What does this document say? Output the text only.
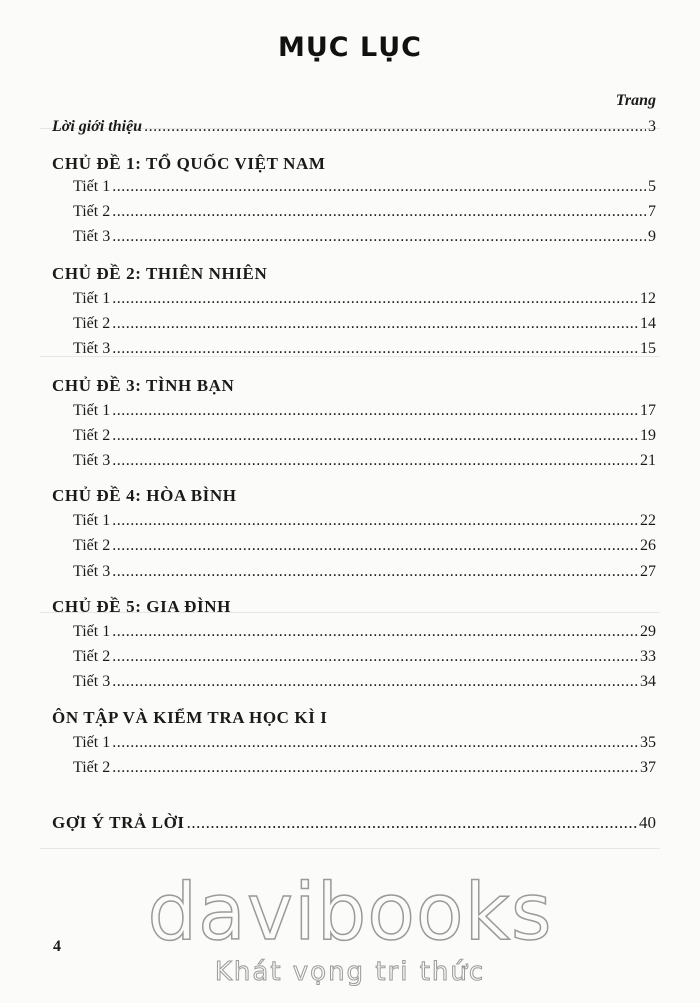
MỤC LỤC
Trang
Lời giới thiệu .....	3
CHỦ ĐỀ 1: TỔ QUỐC VIỆT NAM
Tiết 1 .....	5
Tiết 2 .....	7
Tiết 3 .....	9
CHỦ ĐỀ 2: THIÊN NHIÊN
Tiết 1 .....	12
Tiết 2 .....	14
Tiết 3 .....	15
CHỦ ĐỀ 3: TÌNH BẠN
Tiết 1 .....	17
Tiết 2 .....	19
Tiết 3 .....	21
CHỦ ĐỀ 4: HÒA BÌNH
Tiết 1 .....	22
Tiết 2 .....	26
Tiết 3 .....	27
CHỦ ĐỀ 5: GIA ĐÌNH
Tiết 1 .....	29
Tiết 2 .....	33
Tiết 3 .....	34
ÔN TẬP VÀ KIỂM TRA HỌC KÌ I
Tiết 1 .....	35
Tiết 2 .....	37
GỢI Ý TRẢ LỜI .....	40
4	davibooks
Khát vọng tri thức
